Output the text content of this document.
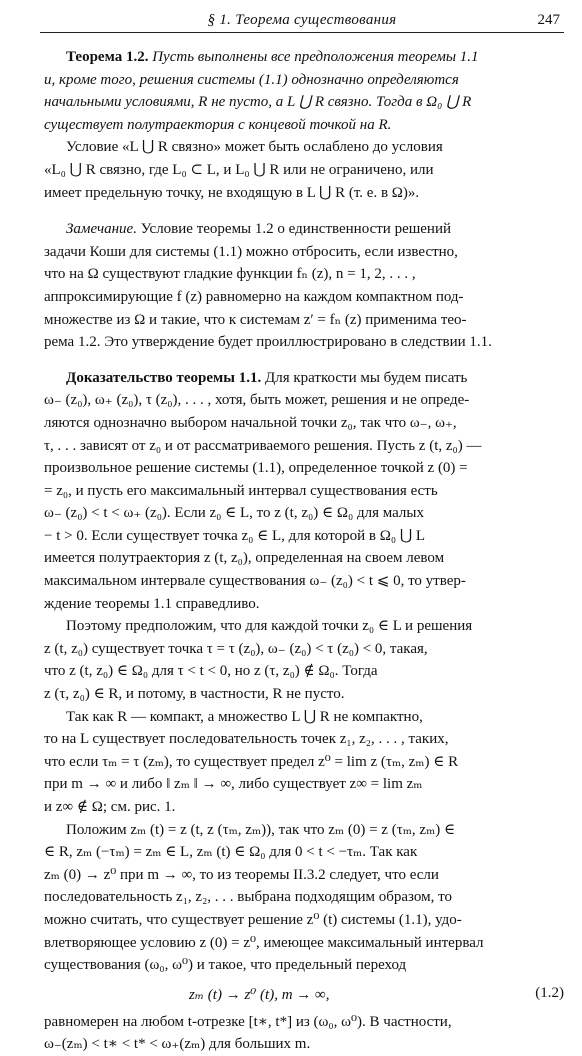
§ 1. Теорема существования	247
Теорема 1.2. Пусть выполнены все предположения теоремы 1.1
и, кроме того, решения системы (1.1) однозначно определяются
начальными условиями, R не пусто, а L ⋃ R связно. Тогда в Ω₀ ⋃ R
существует полутраектория с концевой точкой на R.
Условие «L ⋃ R связно» может быть ослаблено до условия
«L₀ ⋃ R связно, где L₀ ⊂ L, и L₀ ⋃ R или не ограничено, или
имеет предельную точку, не входящую в L ⋃ R (т. е. в Ω)».
Замечание. Условие теоремы 1.2 о единственности решений
задачи Коши для системы (1.1) можно отбросить, если известно,
что на Ω существуют гладкие функции fₙ (z), n = 1, 2, . . . ,
аппроксимирующие f (z) равномерно на каждом компактном под-
множестве из Ω и такие, что к системам z′ = fₙ (z) применима тео-
рема 1.2. Это утверждение будет проиллюстрировано в следствии 1.1.
Доказательство теоремы 1.1. Для краткости мы будем писать
ω₋ (z₀), ω₊ (z₀), τ (z₀), . . . , хотя, быть может, решения и не опреде-
ляются однозначно выбором начальной точки z₀, так что ω₋, ω₊,
τ, . . . зависят от z₀ и от рассматриваемого решения. Пусть z (t, z₀) —
произвольное решение системы (1.1), определенное точкой z (0) =
= z₀, и пусть его максимальный интервал существования есть
ω₋ (z₀) < t < ω₊ (z₀). Если z₀ ∈ L, то z (t, z₀) ∈ Ω₀ для малых
− t > 0. Если существует точка z₀ ∈ L, для которой в Ω₀ ⋃ L
имеется полутраектория z (t, z₀), определенная на своем левом
максимальном интервале существования ω₋ (z₀) < t ⩽ 0, то утвер-
ждение теоремы 1.1 справедливо.
Поэтому предположим, что для каждой точки z₀ ∈ L и решения
z (t, z₀) существует точка τ = τ (z₀), ω₋ (z₀) < τ (z₀) < 0, такая,
что z (t, z₀) ∈ Ω₀ для τ < t < 0, но z (τ, z₀) ∉ Ω₀. Тогда
z (τ, z₀) ∈ R, и потому, в частности, R не пусто.
Так как R — компакт, а множество L ⋃ R не компактно,
то на L существует последовательность точек z₁, z₂, . . . , таких,
что если τₘ = τ (zₘ), то существует предел z⁰ = lim z (τₘ, zₘ) ∈ R
при m → ∞ и либо ‖ zₘ ‖ → ∞, либо существует z∞ = lim zₘ
и z∞ ∉ Ω; см. рис. 1.
Положим zₘ (t) = z (t, z (τₘ, zₘ)), так что zₘ (0) = z (τₘ, zₘ) ∈
∈ R, zₘ (−τₘ) = zₘ ∈ L, zₘ (t) ∈ Ω₀ для 0 < t < −τₘ. Так как
zₘ (0) → z⁰ при m → ∞, то из теоремы II.3.2 следует, что если
последовательность z₁, z₂, . . . выбрана подходящим образом, то
можно считать, что существует решение z⁰ (t) системы (1.1), удо-
влетворяющее условию z (0) = z⁰, имеющее максимальный интервал
существования (ω₀, ω⁰) и такое, что предельный переход
zₘ (t) → z⁰ (t), m → ∞,	(1.2)
равномерен на любом t-отрезке [t∗, t*] из (ω₀, ω⁰). В частности,
ω₋(zₘ) < t∗ < t* < ω₊(zₘ) для больших m.
